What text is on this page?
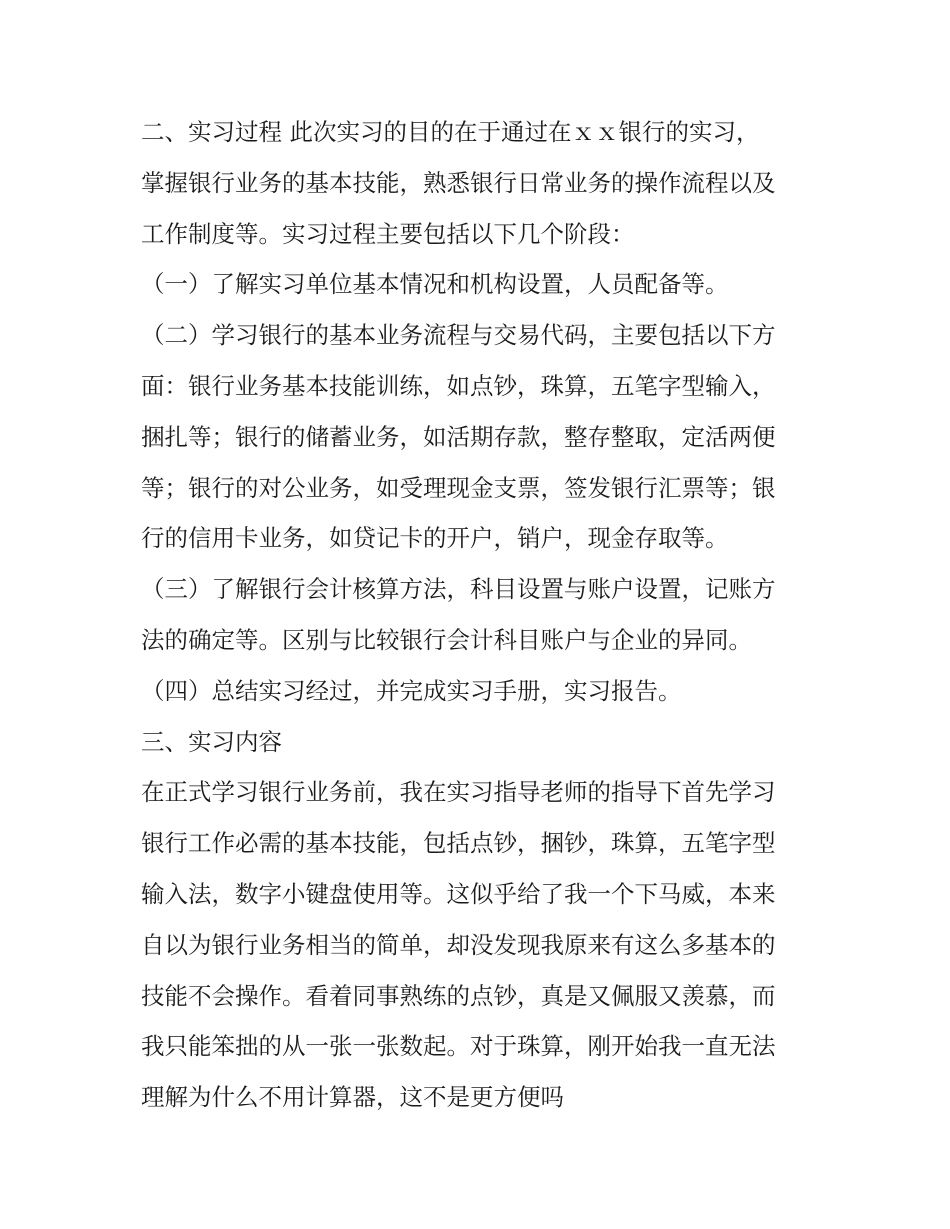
二、实习过程 此次实习的目的在于通过在ｘｘ银行的实习，
掌握银行业务的基本技能，熟悉银行日常业务的操作流程以及
工作制度等。实习过程主要包括以下几个阶段：
（一）了解实习单位基本情况和机构设置，人员配备等。
（二）学习银行的基本业务流程与交易代码，主要包括以下方
面：银行业务基本技能训练，如点钞，珠算，五笔字型输入，
捆扎等；银行的储蓄业务，如活期存款，整存整取，定活两便
等；银行的对公业务，如受理现金支票，签发银行汇票等；银
行的信用卡业务，如贷记卡的开户，销户，现金存取等。
（三）了解银行会计核算方法，科目设置与账户设置，记账方
法的确定等。区别与比较银行会计科目账户与企业的异同。
（四）总结实习经过，并完成实习手册，实习报告。
三、实习内容
在正式学习银行业务前，我在实习指导老师的指导下首先学习
银行工作必需的基本技能，包括点钞，捆钞，珠算，五笔字型
输入法，数字小键盘使用等。这似乎给了我一个下马威，本来
自以为银行业务相当的简单，却没发现我原来有这么多基本的
技能不会操作。看着同事熟练的点钞，真是又佩服又羡慕，而
我只能笨拙的从一张一张数起。对于珠算，刚开始我一直无法
理解为什么不用计算器，这不是更方便吗
